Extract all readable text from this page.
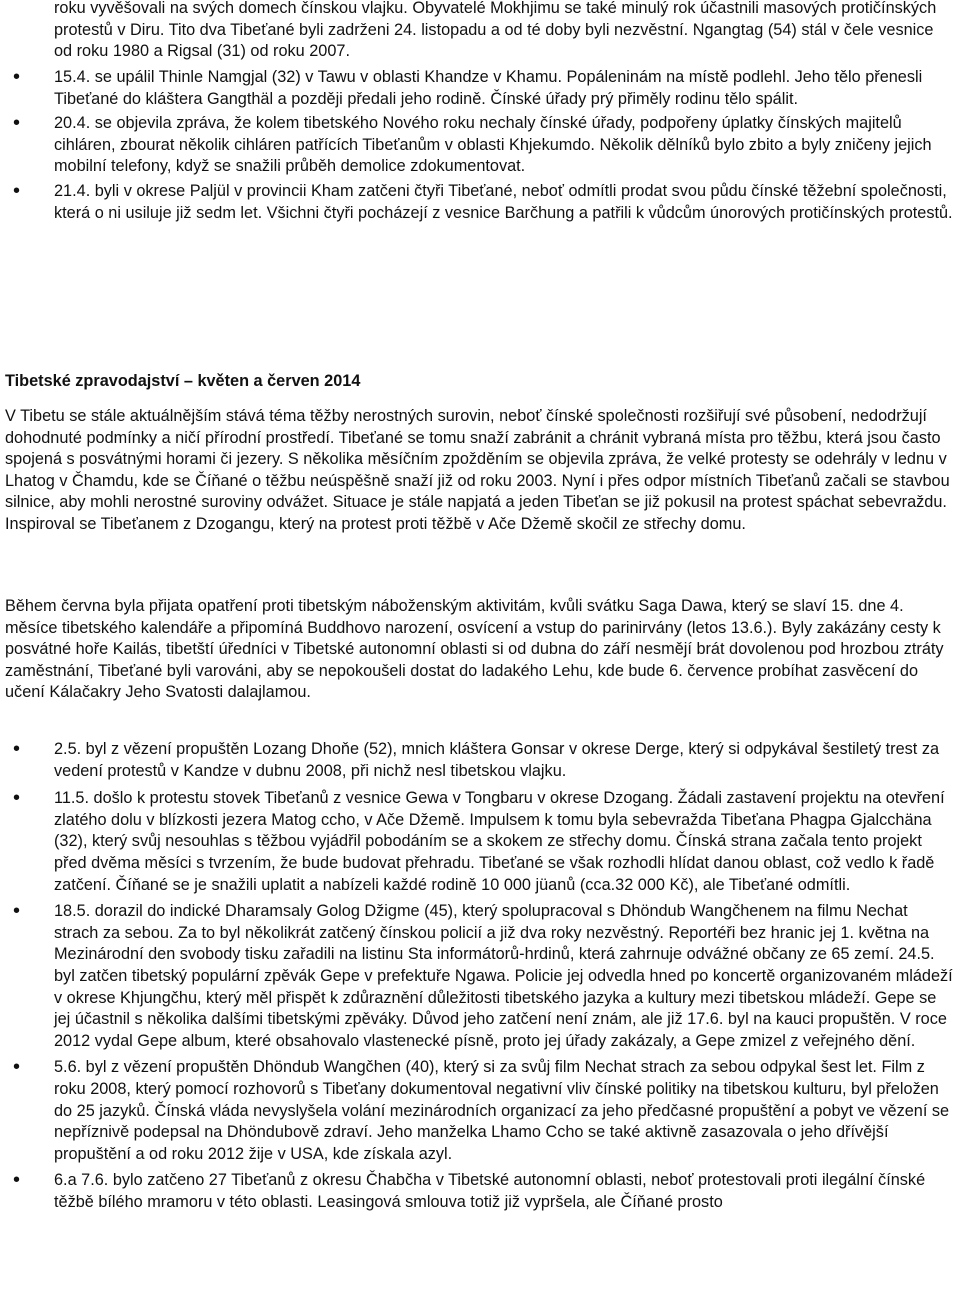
roku vyvěšovali na svých domech čínskou vlajku. Obyvatelé Mokhjimu se také minulý rok účastnili masových protičínských protestů v Diru. Tito dva Tibeťané byli zadrženi 24. listopadu a od té doby byli nezvěstní. Ngangtag (54) stál v čele vesnice od roku 1980 a Rigsal (31) od roku 2007.
• 15.4. se upálil Thinle Namgjal (32) v Tawu v oblasti Khandze v Khamu. Popáleninám na místě podlehl. Jeho tělo přenesli Tibeťané do kláštera Gangthäl a později předali jeho rodině. Čínské úřady prý přiměly rodinu tělo spálit.
• 20.4. se objevila zpráva, že kolem tibetského Nového roku nechaly čínské úřady, podpořeny úplatky čínských majitelů cihláren, zbourat několik cihláren patřících Tibeťanům v oblasti Khjekumdo. Několik dělníků bylo zbito a byly zničeny jejich mobilní telefony, když se snažili průběh demolice zdokumentovat.
• 21.4. byli v okrese Paljül v provincii Kham zatčeni čtyři Tibeťané, neboť odmítli prodat svou půdu čínské těžební společnosti, která o ni usiluje již sedm let. Všichni čtyři pocházejí z vesnice Barčhung a patřili k vůdcům únorových protičínských protestů.
Tibetské zpravodajství – květen a červen 2014

V Tibetu se stále aktuálnějším stává téma těžby nerostných surovin, neboť čínské společnosti rozšiřují své působení, nedodržují dohodnuté podmínky a ničí přírodní prostředí. Tibeťané se tomu snaží zabránit a chránit vybraná místa pro těžbu, která jsou často spojená s posvátnými horami či jezery. S několika měsíčním zpožděním se objevila zpráva, že velké protesty se odehrály v lednu v Lhatog v Čhamdu, kde se Číňané o těžbu neúspěšně snaží již od roku 2003. Nyní i přes odpor místních Tibeťanů začali se stavbou silnice, aby mohli nerostné suroviny odvážet. Situace je stále napjatá a jeden Tibeťan se již pokusil na protest spáchat sebevraždu. Inspiroval se Tibeťanem z Dzogangu, který na protest proti těžbě v Ače Džemě skočil ze střechy domu.

Během června byla přijata opatření proti tibetským náboženským aktivitám, kvůli svátku Saga Dawa, který se slaví 15. dne 4. měsíce tibetského kalendáře a připomíná Buddhovo narození, osvícení a vstup do parinirvány (letos 13.6.). Byly zakázány cesty k posvátné hoře Kailás, tibetští úředníci v Tibetské autonomní oblasti si od dubna do září nesmějí brát dovolenou pod hrozbou ztráty zaměstnání, Tibeťané byli varováni, aby se nepokoušeli dostat do ladakého Lehu, kde bude 6. července probíhat zasvěcení do učení Kálačakry Jeho Svatosti dalajlamou.

• 2.5. byl z vězení propuštěn Lozang Dhoňe (52), mnich kláštera Gonsar v okrese Derge, který si odpykával šestiletý trest za vedení protestů v Kandze v dubnu 2008, při nichž nesl tibetskou vlajku.
• 11.5. došlo k protestu stovek Tibeťanů z vesnice Gewa v Tongbaru v okrese Dzogang. Žádali zastavení projektu na otevření zlatého dolu v blízkosti jezera Matog ccho, v Ače Džemě. Impulsem k tomu byla sebevražda Tibeťana Phagpa Gjalcchäna (32), který svůj nesouhlas s těžbou vyjádřil pobodáním se a skokem ze střechy domu. Čínská strana začala tento projekt před dvěma měsíci s tvrzením, že bude budovat přehradu. Tibeťané se však rozhodli hlídat danou oblast, což vedlo k řadě zatčení. Číňané se je snažili uplatit a nabízeli každé rodině 10 000 jüanů (cca.32 000 Kč), ale Tibeťané odmítli.
• 18.5. dorazil do indické Dharamsaly Golog Džigme (45), který spolupracoval s Dhöndub Wangčhenem na filmu Nechat strach za sebou. Za to byl několikrát zatčený čínskou policií a již dva roky nezvěstný. Reportéři bez hranic jej 1. května na Mezinárodní den svobody tisku zařadili na listinu Sta informátorů-hrdinů, která zahrnuje odvážné občany ze 65 zemí. 24.5. byl zatčen tibetský populární zpěvák Gepe v prefektuře Ngawa. Policie jej odvedla hned po koncertě organizovaném mládeží v okrese Khjungčhu, který měl přispět k zdůraznění důležitosti tibetského jazyka a kultury mezi tibetskou mládeží. Gepe se jej účastnil s několika dalšími tibetskými zpěváky. Důvod jeho zatčení není znám, ale již 17.6. byl na kauci propuštěn. V roce 2012 vydal Gepe album, které obsahovalo vlastenecké písně, proto jej úřady zakázaly, a Gepe zmizel z veřejného dění.
• 5.6. byl z vězení propuštěn Dhöndub Wangčhen (40), který si za svůj film Nechat strach za sebou odpykal šest let. Film z roku 2008, který pomocí rozhovorů s Tibeťany dokumentoval negativní vliv čínské politiky na tibetskou kulturu, byl přeložen do 25 jazyků. Čínská vláda nevyslyšela volání mezinárodních organizací za jeho předčasné propuštění a pobyt ve vězení se nepříznivě podepsal na Dhöndubově zdraví. Jeho manželka Lhamo Ccho se také aktivně zasazovala o jeho dřívější propuštění a od roku 2012 žije v USA, kde získala azyl.
• 6.a 7.6. bylo zatčeno 27 Tibeťanů z okresu Čhabčha v Tibetské autonomní oblasti, neboť protestovali proti ilegální čínské těžbě bílého mramoru v této oblasti. Leasingová smlouva totiž již vypršela, ale Číňané prosto
